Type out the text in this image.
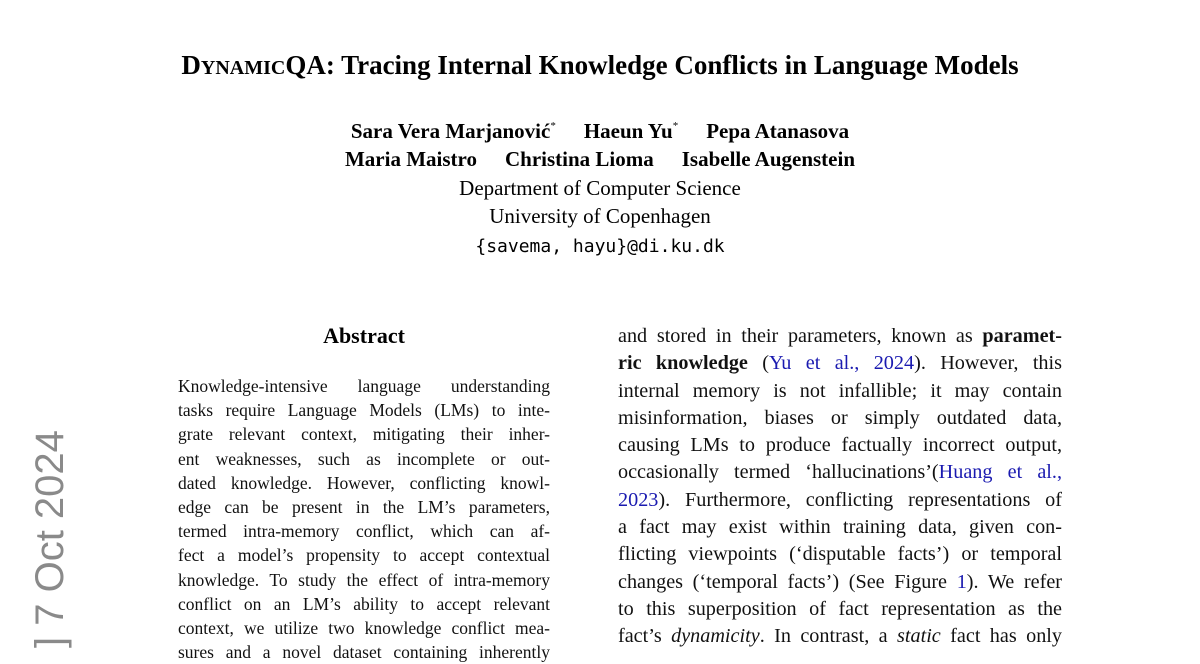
DYNAMICQA: Tracing Internal Knowledge Conflicts in Language Models
Sara Vera Marjanović* Haeun Yu* Pepa Atanasova
Maria Maistro Christina Lioma Isabelle Augenstein
Department of Computer Science
University of Copenhagen
{savema, hayu}@di.ku.dk
] 7 Oct 2024
Abstract
Knowledge-intensive language understanding
tasks require Language Models (LMs) to inte-
grate relevant context, mitigating their inher-
ent weaknesses, such as incomplete or out-
dated knowledge. However, conflicting knowl-
edge can be present in the LM’s parameters,
termed intra-memory conflict, which can af-
fect a model’s propensity to accept contextual
knowledge. To study the effect of intra-memory
conflict on an LM’s ability to accept relevant
context, we utilize two knowledge conflict mea-
sures and a novel dataset containing inherently
and stored in their parameters, known as paramet-
ric knowledge (Yu et al., 2024). However, this
internal memory is not infallible; it may contain
misinformation, biases or simply outdated data,
causing LMs to produce factually incorrect output,
occasionally termed ‘hallucinations’(Huang et al.,
2023). Furthermore, conflicting representations of
a fact may exist within training data, given con-
flicting viewpoints (‘disputable facts’) or temporal
changes (‘temporal facts’) (See Figure 1). We refer
to this superposition of fact representation as the
fact’s dynamicity. In contrast, a static fact has only
